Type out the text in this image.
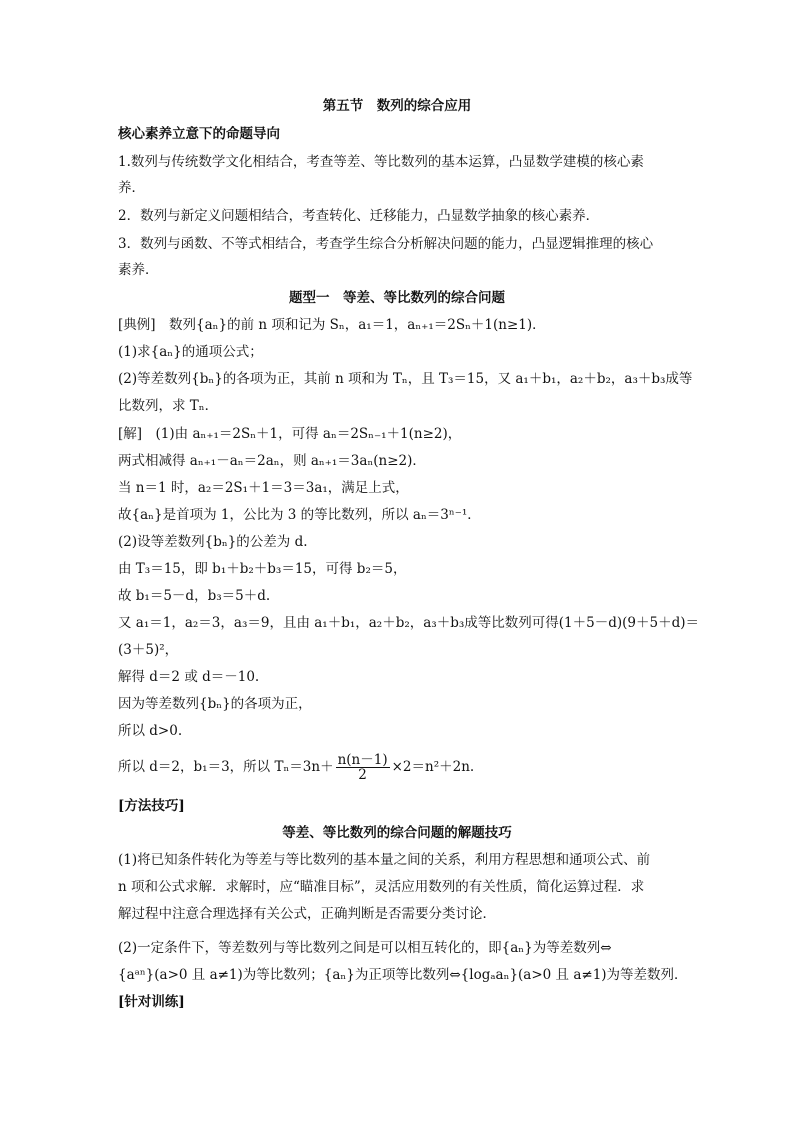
第五节　数列的综合应用
核心素养立意下的命题导向
1.数列与传统数学文化相结合，考查等差、等比数列的基本运算，凸显数学建模的核心素
养．
2．数列与新定义问题相结合，考查转化、迁移能力，凸显数学抽象的核心素养．
3．数列与函数、不等式相结合，考查学生综合分析解决问题的能力，凸显逻辑推理的核心
素养．
题型一　等差、等比数列的综合问题
[典例]　数列{aₙ}的前 n 项和记为 Sₙ，a₁＝1，aₙ₊₁＝2Sₙ＋1(n≥1)．
(1)求{aₙ}的通项公式；
(2)等差数列{bₙ}的各项为正，其前 n 项和为 Tₙ，且 T₃＝15，又 a₁＋b₁，a₂＋b₂，a₃＋b₃成等
比数列，求 Tₙ．
[解]　(1)由 aₙ₊₁＝2Sₙ＋1，可得 aₙ＝2Sₙ₋₁＋1(n≥2)，
两式相减得 aₙ₊₁－aₙ＝2aₙ，则 aₙ₊₁＝3aₙ(n≥2)．
当 n＝1 时，a₂＝2S₁＋1＝3＝3a₁，满足上式，
故{aₙ}是首项为 1，公比为 3 的等比数列，所以 aₙ＝3ⁿ⁻¹．
(2)设等差数列{bₙ}的公差为 d.
由 T₃＝15，即 b₁＋b₂＋b₃＝15，可得 b₂＝5，
故 b₁＝5－d，b₃＝5＋d.
又 a₁＝1，a₂＝3，a₃＝9，且由 a₁＋b₁，a₂＋b₂，a₃＋b₃成等比数列可得(1＋5－d)(9＋5＋d)＝
(3＋5)²，
解得 d＝2 或 d＝－10.
因为等差数列{bₙ}的各项为正，
所以 d>0.
所以 d＝2，b₁＝3，所以 $T_n=3n+ \frac{n(n-1)}{2} \times 2=n^2+2n$.
[方法技巧]
等差、等比数列的综合问题的解题技巧
(1)将已知条件转化为等差与等比数列的基本量之间的关系，利用方程思想和通项公式、前
n 项和公式求解．求解时，应“瞄准目标”，灵活应用数列的有关性质，简化运算过程．求
解过程中注意合理选择有关公式，正确判断是否需要分类讨论．
(2)一定条件下，等差数列与等比数列之间是可以相互转化的，即{aₙ}为等差数列⇔
{aᵃⁿ}(a>0 且 a≠1)为等比数列；{aₙ}为正项等比数列⇔{logₐaₙ}(a>0 且 a≠1)为等差数列．
[针对训练]
